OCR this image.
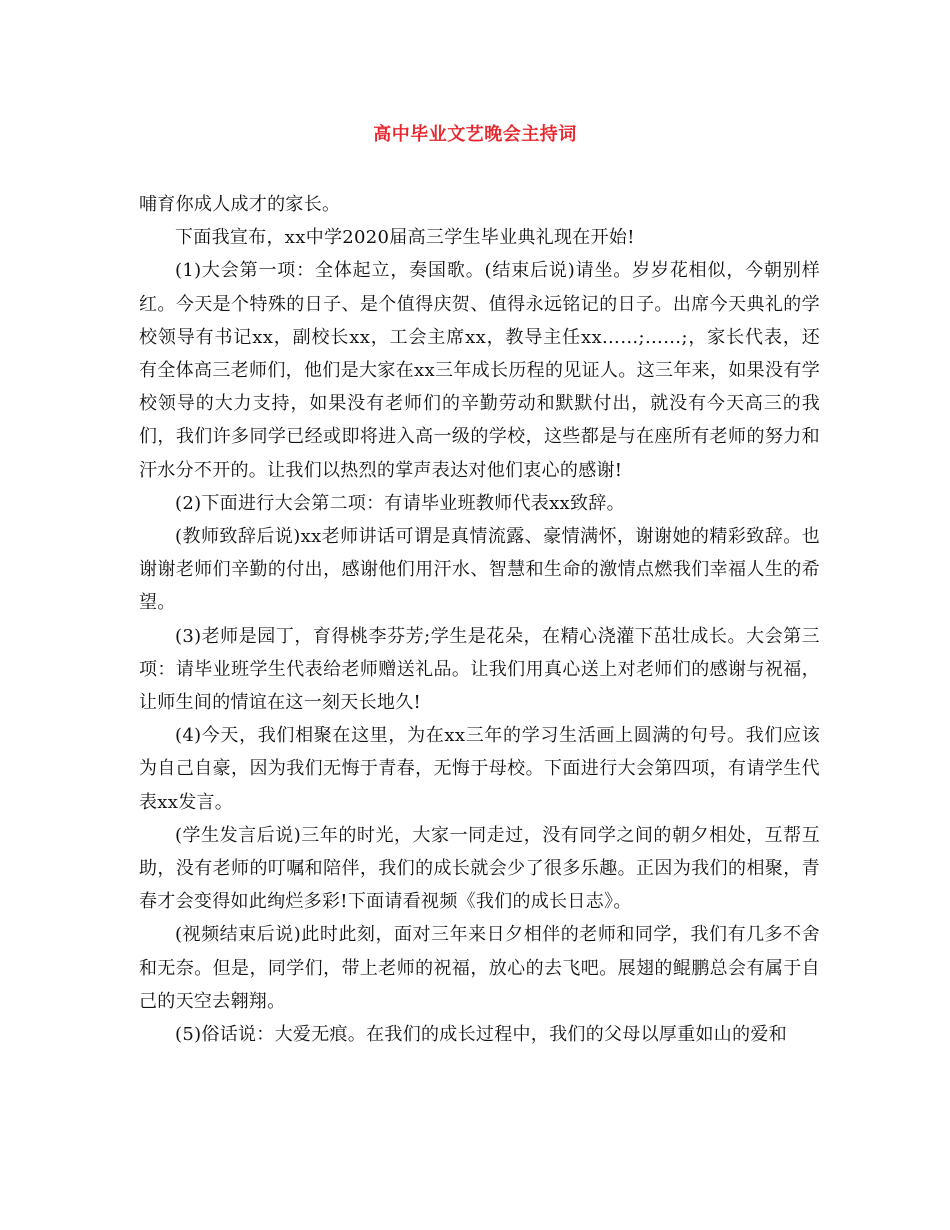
高中毕业文艺晚会主持词

哺育你成人成才的家长。

下面我宣布，xx中学2020届高三学生毕业典礼现在开始!

(1)大会第一项：全体起立，奏国歌。(结束后说)请坐。岁岁花相似，今朝别样红。今天是个特殊的日子、是个值得庆贺、值得永远铭记的日子。出席今天典礼的学校领导有书记xx，副校长xx，工会主席xx，教导主任xx……;……;，家长代表，还有全体高三老师们，他们是大家在xx三年成长历程的见证人。这三年来，如果没有学校领导的大力支持，如果没有老师们的辛勤劳动和默默付出，就没有今天高三的我们，我们许多同学已经或即将进入高一级的学校，这些都是与在座所有老师的努力和汗水分不开的。让我们以热烈的掌声表达对他们衷心的感谢!

(2)下面进行大会第二项：有请毕业班教师代表xx致辞。

(教师致辞后说)xx老师讲话可谓是真情流露、豪情满怀，谢谢她的精彩致辞。也谢谢老师们辛勤的付出，感谢他们用汗水、智慧和生命的激情点燃我们幸福人生的希望。

(3)老师是园丁，育得桃李芬芳;学生是花朵，在精心浇灌下茁壮成长。大会第三项：请毕业班学生代表给老师赠送礼品。让我们用真心送上对老师们的感谢与祝福，让师生间的情谊在这一刻天长地久!

(4)今天，我们相聚在这里，为在xx三年的学习生活画上圆满的句号。我们应该为自己自豪，因为我们无悔于青春，无悔于母校。下面进行大会第四项，有请学生代表xx发言。

(学生发言后说)三年的时光，大家一同走过，没有同学之间的朝夕相处，互帮互助，没有老师的叮嘱和陪伴，我们的成长就会少了很多乐趣。正因为我们的相聚，青春才会变得如此绚烂多彩!下面请看视频《我们的成长日志》。

(视频结束后说)此时此刻，面对三年来日夕相伴的老师和同学，我们有几多不舍和无奈。但是，同学们，带上老师的祝福，放心的去飞吧。展翅的鲲鹏总会有属于自己的天空去翱翔。

(5)俗话说：大爱无痕。在我们的成长过程中，我们的父母以厚重如山的爱和
